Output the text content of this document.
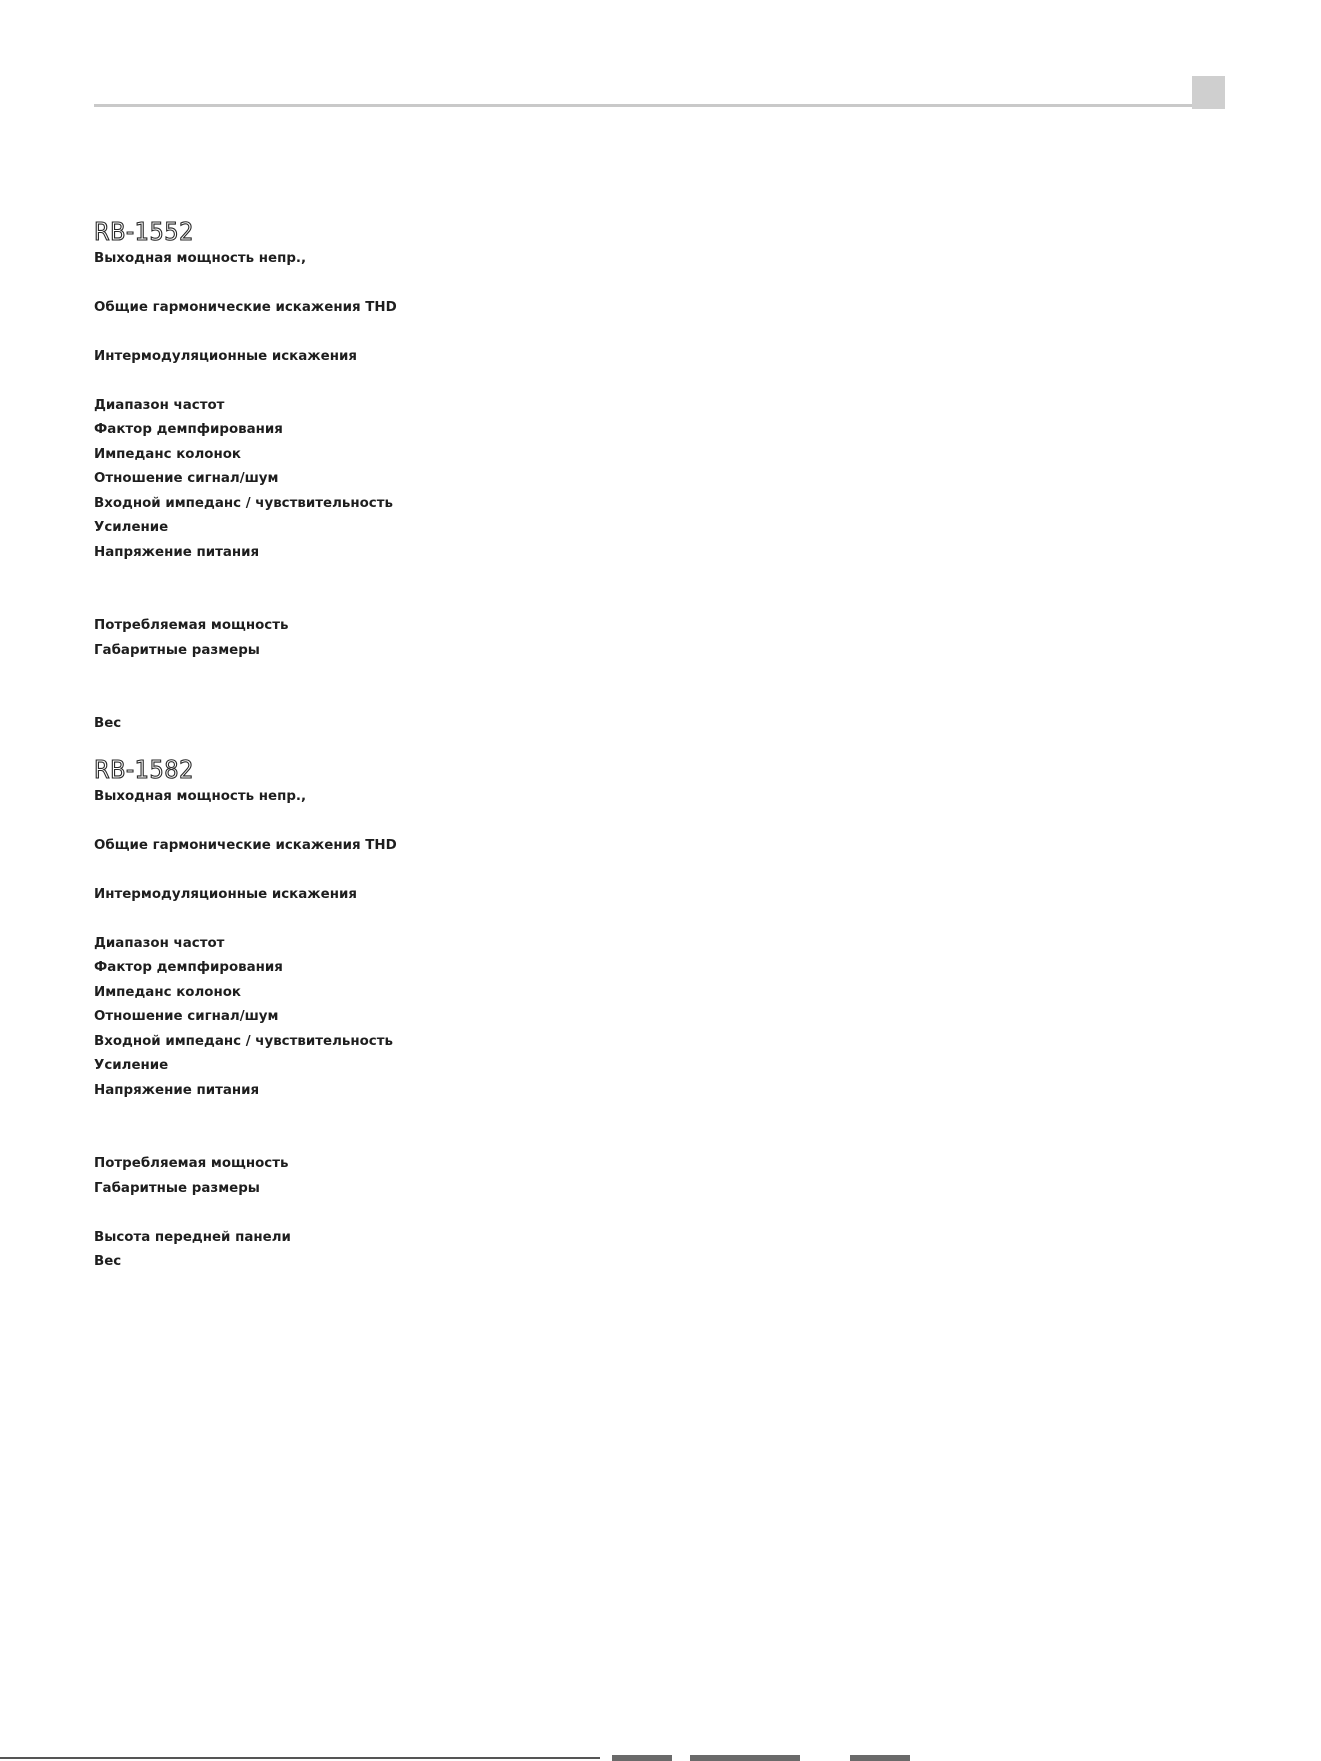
RB-1552

Выходная мощность непр.,

Общие гармонические искажения THD

Интермодуляционные искажения

Диапазон частот

Фактор демпфирования

Импеданс колонок

Отношение сигнал/шум

Входной импеданс / чувствительность

Усиление

Напряжение питания

Потребляемая мощность

Габаритные размеры

Вес

RB-1582

Выходная мощность непр.,

Общие гармонические искажения THD

Интермодуляционные искажения

Диапазон частот

Фактор демпфирования

Импеданс колонок

Отношение сигнал/шум

Входной импеданс / чувствительность

Усиление

Напряжение питания

Потребляемая мощность

Габаритные размеры

Высота передней панели

Вес
